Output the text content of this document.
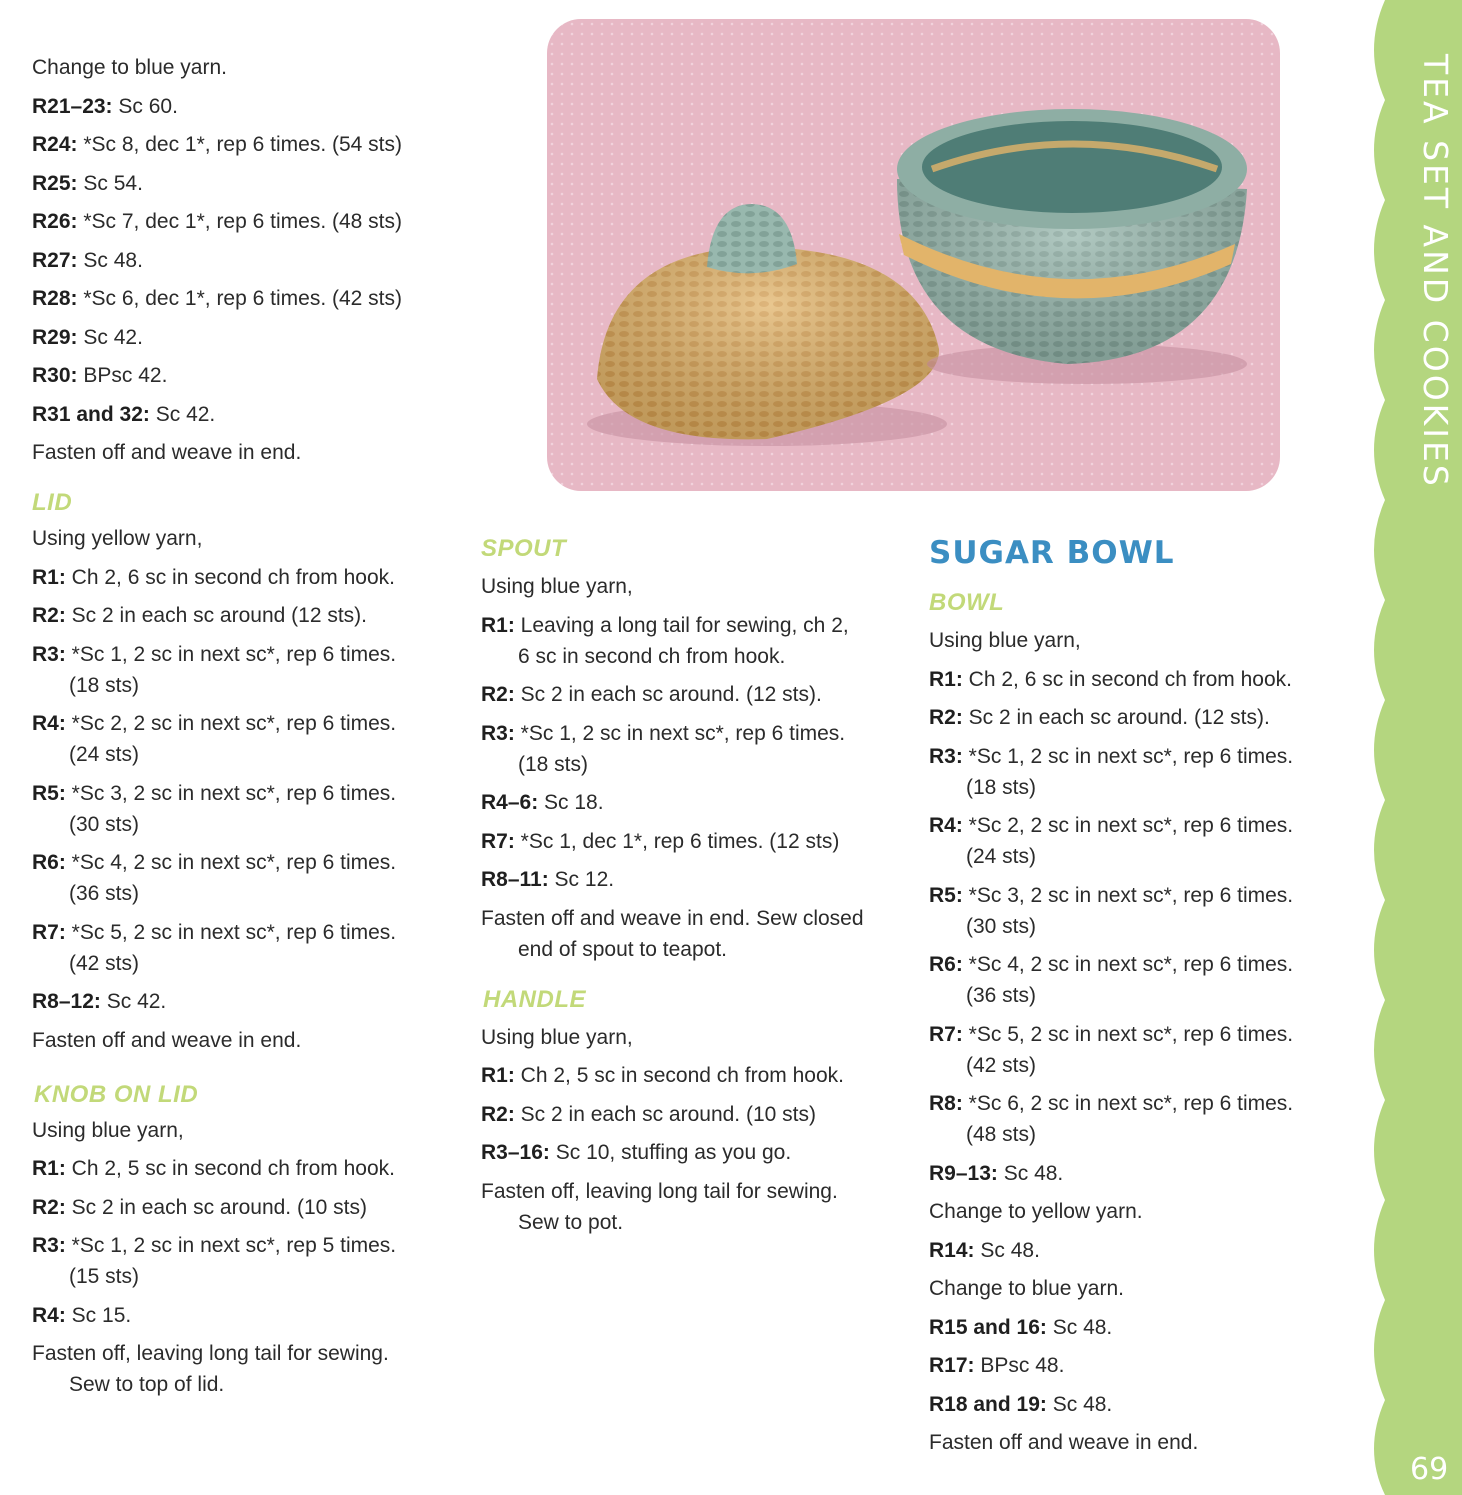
Change to blue yarn.
R21–23: Sc 60.
R24: *Sc 8, dec 1*, rep 6 times. (54 sts)
R25: Sc 54.
R26: *Sc 7, dec 1*, rep 6 times. (48 sts)
R27: Sc 48.
R28: *Sc 6, dec 1*, rep 6 times. (42 sts)
R29: Sc 42.
R30: BPsc 42.
R31 and 32: Sc 42.
Fasten off and weave in end.
LID
Using yellow yarn,
R1: Ch 2, 6 sc in second ch from hook.
R2: Sc 2 in each sc around (12 sts).
R3: *Sc 1, 2 sc in next sc*, rep 6 times.
(18 sts)
R4: *Sc 2, 2 sc in next sc*, rep 6 times.
(24 sts)
R5: *Sc 3, 2 sc in next sc*, rep 6 times.
(30 sts)
R6: *Sc 4, 2 sc in next sc*, rep 6 times.
(36 sts)
R7: *Sc 5, 2 sc in next sc*, rep 6 times.
(42 sts)
R8–12: Sc 42.
Fasten off and weave in end.
KNOB ON LID
Using blue yarn,
R1: Ch 2, 5 sc in second ch from hook.
R2: Sc 2 in each sc around. (10 sts)
R3: *Sc 1, 2 sc in next sc*, rep 5 times.
(15 sts)
R4: Sc 15.
Fasten off, leaving long tail for sewing.
Sew to top of lid.
SPOUT
Using blue yarn,
R1: Leaving a long tail for sewing, ch 2,
6 sc in second ch from hook.
R2: Sc 2 in each sc around. (12 sts).
R3: *Sc 1, 2 sc in next sc*, rep 6 times.
(18 sts)
R4–6: Sc 18.
R7: *Sc 1, dec 1*, rep 6 times. (12 sts)
R8–11: Sc 12.
Fasten off and weave in end. Sew closed
end of spout to teapot.
HANDLE
Using blue yarn,
R1: Ch 2, 5 sc in second ch from hook.
R2: Sc 2 in each sc around. (10 sts)
R3–16: Sc 10, stuffing as you go.
Fasten off, leaving long tail for sewing.
Sew to pot.
SUGAR BOWL
BOWL
Using blue yarn,
R1: Ch 2, 6 sc in second ch from hook.
R2: Sc 2 in each sc around. (12 sts).
R3: *Sc 1, 2 sc in next sc*, rep 6 times.
(18 sts)
R4: *Sc 2, 2 sc in next sc*, rep 6 times.
(24 sts)
R5: *Sc 3, 2 sc in next sc*, rep 6 times.
(30 sts)
R6: *Sc 4, 2 sc in next sc*, rep 6 times.
(36 sts)
R7: *Sc 5, 2 sc in next sc*, rep 6 times.
(42 sts)
R8: *Sc 6, 2 sc in next sc*, rep 6 times.
(48 sts)
R9–13: Sc 48.
Change to yellow yarn.
R14: Sc 48.
Change to blue yarn.
R15 and 16: Sc 48.
R17: BPsc 48.
R18 and 19: Sc 48.
Fasten off and weave in end.
TEA SET AND COOKIES
69
